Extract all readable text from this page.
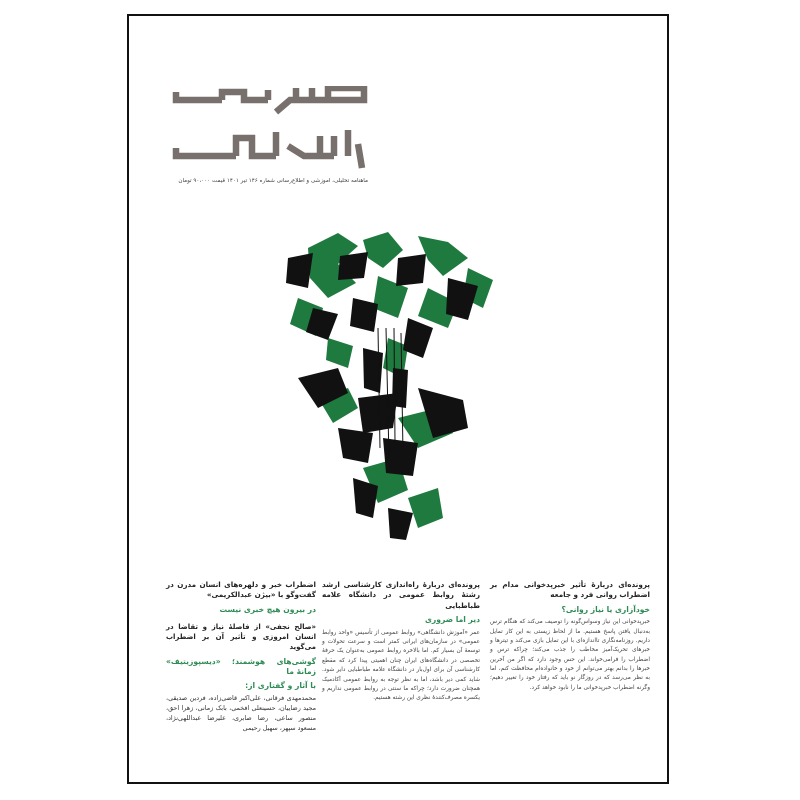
ماهنامه تحلیلی، آموزشی و اطلاع‌رسانی شماره ۱۴۶ تیر ۱۴۰۱ قیمت ۹۰،۰۰۰ تومان
پرونده‌ای دربارهٔ تأثیر خبرپدخوانی مدام بر اضطراب روانی فرد و جامعه
خودآزاری یا نیاز روانی؟
خبرپدخوانی این نیاز وسواس‌گونه را توصیف می‌کند که هنگام ترس به‌دنبال یافتن پاسخ هستیم. ما از لحاظ زیستی به این کار تمایل داریم. روزنامه‌نگاری تااندازه‌ای با این تمایل بازی می‌کند و تیترها و خبرهای تحریک‌آمیز مخاطب را جذب می‌کند؛ چراکه ترس و اضطراب را فرامی‌خواند. این حس وجود دارد که اگر من آخرین خبرها را بدانم بهتر می‌توانم از خود و خانواده‌ام محافظت کنم، اما به نظر می‌رسد که در روزگار نو باید که رفتار خود را تغییر دهیم؛ وگرنه اضطراب خبرپدخوانی ما را نابود خواهد کرد.
پرونده‌ای دربارهٔ راه‌اندازی کارشناسی ارشد رشتهٔ روابط عمومی در دانشگاه علامه طباطبایی
دیر اما ضروری
عمر «آموزش دانشگاهی» روابط عمومی از تأسیس «واحد روابط عمومی» در سازمان‌های ایرانی کمتر است و سرعت تحولات و توسعهٔ آن بسیار کم. اما بالاخره روابط عمومی به‌عنوان یک حرفهٔ تخصصی در دانشگاه‌های ایران چنان اهمیتی پیدا کرد که مقطع کارشناسی آن برای اول‌بار در دانشگاه علامه طباطبایی دایر شود. شاید کمی دیر باشد، اما به نظر توجه به روابط عمومی آکادمیک همچنان ضرورت دارد؛ چراکه ما سنتی در روابط عمومی نداریم و یکسره مصرف‌کنندهٔ نظری این رشته هستیم.
اضطراب خبر و دلهره‌های انسان مدرن در گفت‌وگو با «بیژن عبدالکریمی»
در بیرون هیچ خبری نیست
«صالح نجفی» از فاصلهٔ نیاز و تقاضا در انسان امروزی و تأثیر آن بر اضطراب می‌گوید
گوشی‌های هوشمند؛ «دیسپوزیتیف» زمانهٔ ما
با آثار و گفتاری از:
محمدمهدی فرقانی، علی‌اکبر قاضی‌زاده، فردین صدیقی، مجید رضاییان، حسینعلی افخمی، بابک زمانی، زهرا احق، منصور ساعی، رضا صابری، علیرضا عبداللهی‌نژاد، مسعود سپهر، سهیل رحیمی
